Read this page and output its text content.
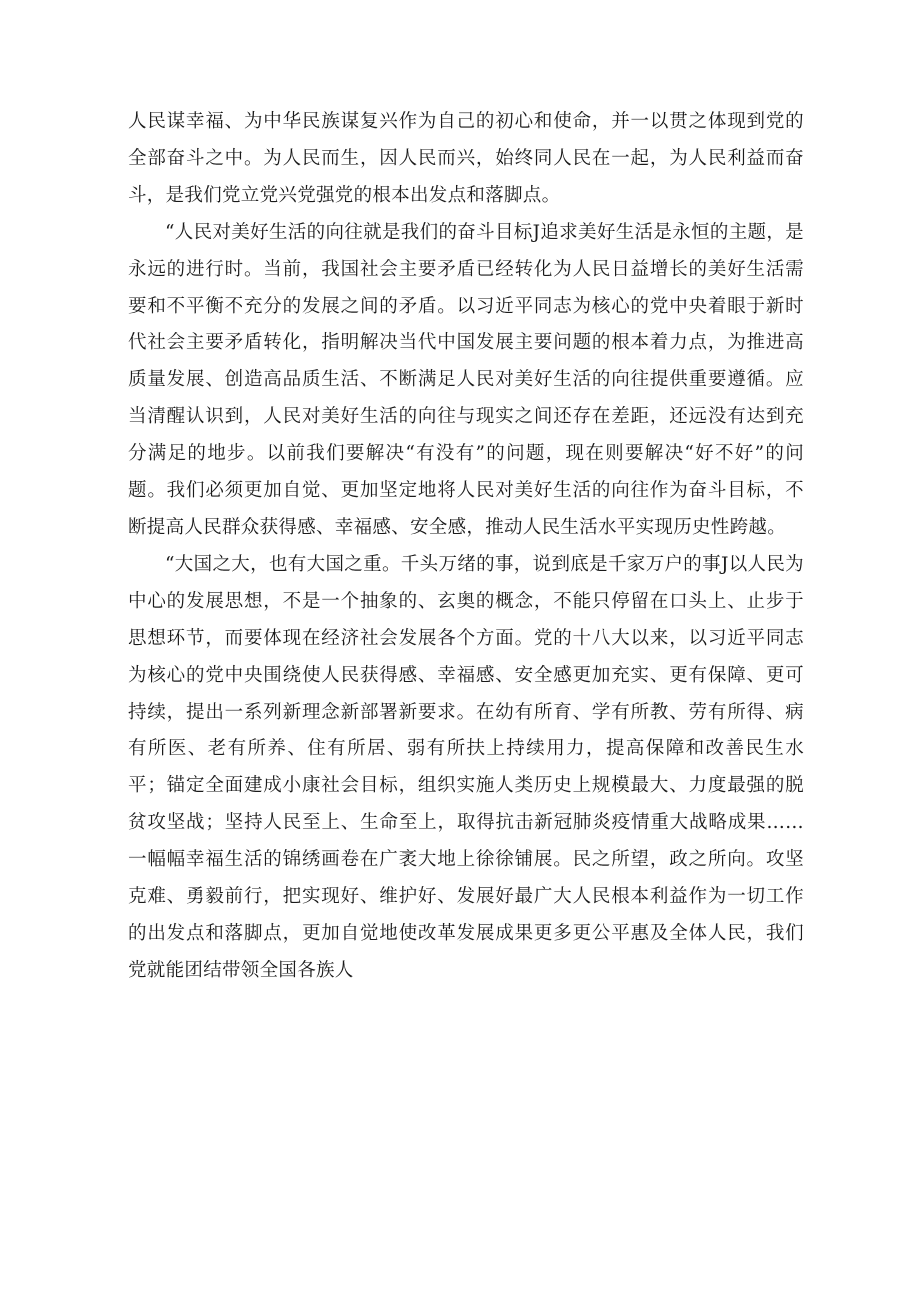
人民谋幸福、为中华民族谋复兴作为自己的初心和使命，并一以贯之体现到党的全部奋斗之中。为人民而生，因人民而兴，始终同人民在一起，为人民利益而奋斗，是我们党立党兴党强党的根本出发点和落脚点。

“人民对美好生活的向往就是我们的奋斗目标J追求美好生活是永恒的主题，是永远的进行时。当前，我国社会主要矛盾已经转化为人民日益增长的美好生活需要和不平衡不充分的发展之间的矛盾。以习近平同志为核心的党中央着眼于新时代社会主要矛盾转化，指明解决当代中国发展主要问题的根本着力点，为推进高质量发展、创造高品质生活、不断满足人民对美好生活的向往提供重要遵循。应当清醒认识到，人民对美好生活的向往与现实之间还存在差距，还远没有达到充分满足的地步。以前我们要解决“有没有”的问题，现在则要解决“好不好”的问题。我们必须更加自觉、更加坚定地将人民对美好生活的向往作为奋斗目标，不断提高人民群众获得感、幸福感、安全感，推动人民生活水平实现历史性跨越。

“大国之大，也有大国之重。千头万绪的事，说到底是千家万户的事J以人民为中心的发展思想，不是一个抽象的、玄奥的概念，不能只停留在口头上、止步于思想环节，而要体现在经济社会发展各个方面。党的十八大以来，以习近平同志为核心的党中央围绕使人民获得感、幸福感、安全感更加充实、更有保障、更可持续，提出一系列新理念新部署新要求。在幼有所育、学有所教、劳有所得、病有所医、老有所养、住有所居、弱有所扶上持续用力，提高保障和改善民生水平；锚定全面建成小康社会目标，组织实施人类历史上规模最大、力度最强的脱贫攻坚战；坚持人民至上、生命至上，取得抗击新冠肺炎疫情重大战略成果……一幅幅幸福生活的锦绣画卷在广袤大地上徐徐铺展。民之所望，政之所向。攻坚克难、勇毅前行，把实现好、维护好、发展好最广大人民根本利益作为一切工作的出发点和落脚点，更加自觉地使改革发展成果更多更公平惠及全体人民，我们党就能团结带领全国各族人
